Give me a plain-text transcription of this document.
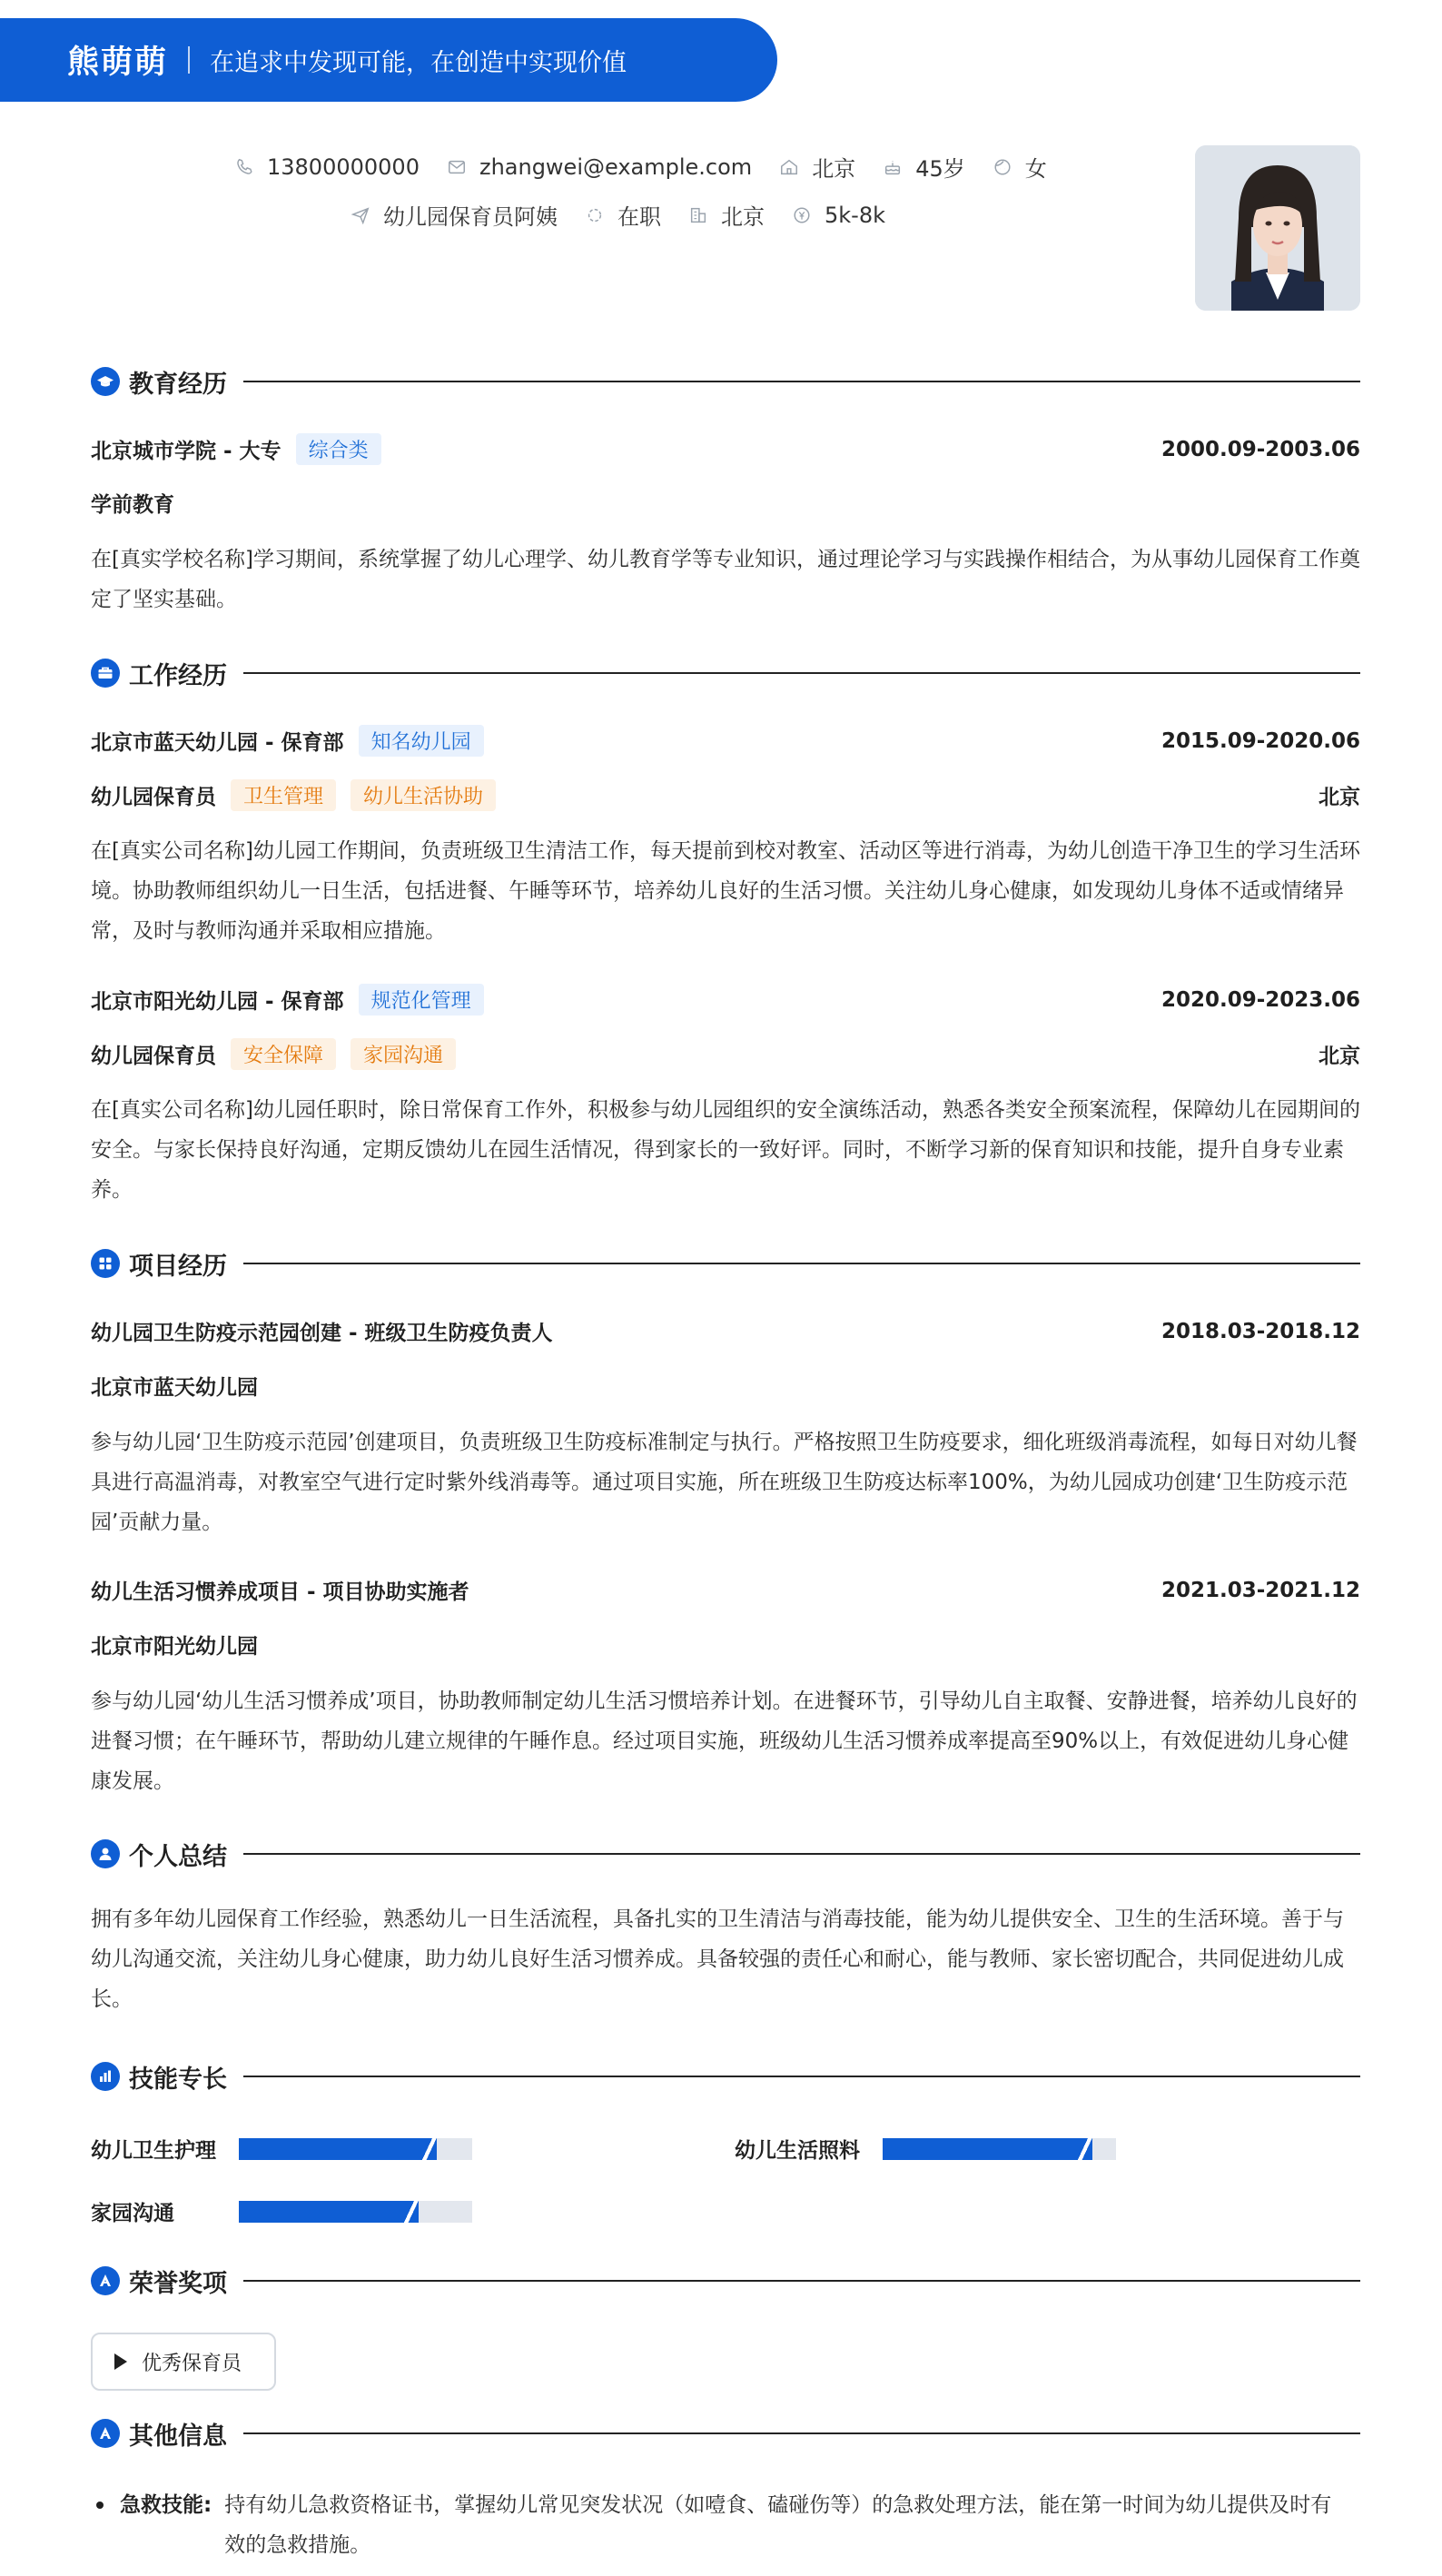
熊萌萌 在追求中发现可能，在创造中实现价值
13800000000	zhangwei@example.com	北京	45岁	女
幼儿园保育员阿姨	在职	北京	5k-8k
教育经历
北京城市学院 - 大专	综合类	2000.09-2003.06
学前教育
在[真实学校名称]学习期间，系统掌握了幼儿心理学、幼儿教育学等专业知识，通过理论学习与实践操作相结合，为从事幼儿园保育工作奠定了坚实基础。
工作经历
北京市蓝天幼儿园 - 保育部	知名幼儿园	2015.09-2020.06
幼儿园保育员	卫生管理	幼儿生活协助	北京
在[真实公司名称]幼儿园工作期间，负责班级卫生清洁工作，每天提前到校对教室、活动区等进行消毒，为幼儿创造干净卫生的学习生活环境。协助教师组织幼儿一日生活，包括进餐、午睡等环节，培养幼儿良好的生活习惯。关注幼儿身心健康，如发现幼儿身体不适或情绪异常，及时与教师沟通并采取相应措施。
北京市阳光幼儿园 - 保育部	规范化管理	2020.09-2023.06
幼儿园保育员	安全保障	家园沟通	北京
在[真实公司名称]幼儿园任职时，除日常保育工作外，积极参与幼儿园组织的安全演练活动，熟悉各类安全预案流程，保障幼儿在园期间的安全。与家长保持良好沟通，定期反馈幼儿在园生活情况，得到家长的一致好评。同时，不断学习新的保育知识和技能，提升自身专业素养。
项目经历
幼儿园卫生防疫示范园创建 - 班级卫生防疫负责人	2018.03-2018.12
北京市蓝天幼儿园
参与幼儿园‘卫生防疫示范园’创建项目，负责班级卫生防疫标准制定与执行。严格按照卫生防疫要求，细化班级消毒流程，如每日对幼儿餐具进行高温消毒，对教室空气进行定时紫外线消毒等。通过项目实施，所在班级卫生防疫达标率100%，为幼儿园成功创建‘卫生防疫示范园’贡献力量。
幼儿生活习惯养成项目 - 项目协助实施者	2021.03-2021.12
北京市阳光幼儿园
参与幼儿园‘幼儿生活习惯养成’项目，协助教师制定幼儿生活习惯培养计划。在进餐环节，引导幼儿自主取餐、安静进餐，培养幼儿良好的进餐习惯；在午睡环节，帮助幼儿建立规律的午睡作息。经过项目实施，班级幼儿生活习惯养成率提高至90%以上，有效促进幼儿身心健康发展。
个人总结
拥有多年幼儿园保育工作经验，熟悉幼儿一日生活流程，具备扎实的卫生清洁与消毒技能，能为幼儿提供安全、卫生的生活环境。善于与幼儿沟通交流，关注幼儿身心健康，助力幼儿良好生活习惯养成。具备较强的责任心和耐心，能与教师、家长密切配合，共同促进幼儿成长。
技能专长
幼儿卫生护理	幼儿生活照料
家园沟通
荣誉奖项
优秀保育员
其他信息
急救技能: 持有幼儿急救资格证书，掌握幼儿常见突发状况（如噎食、磕碰伤等）的急救处理方法，能在第一时间为幼儿提供及时有效的急救措施。
